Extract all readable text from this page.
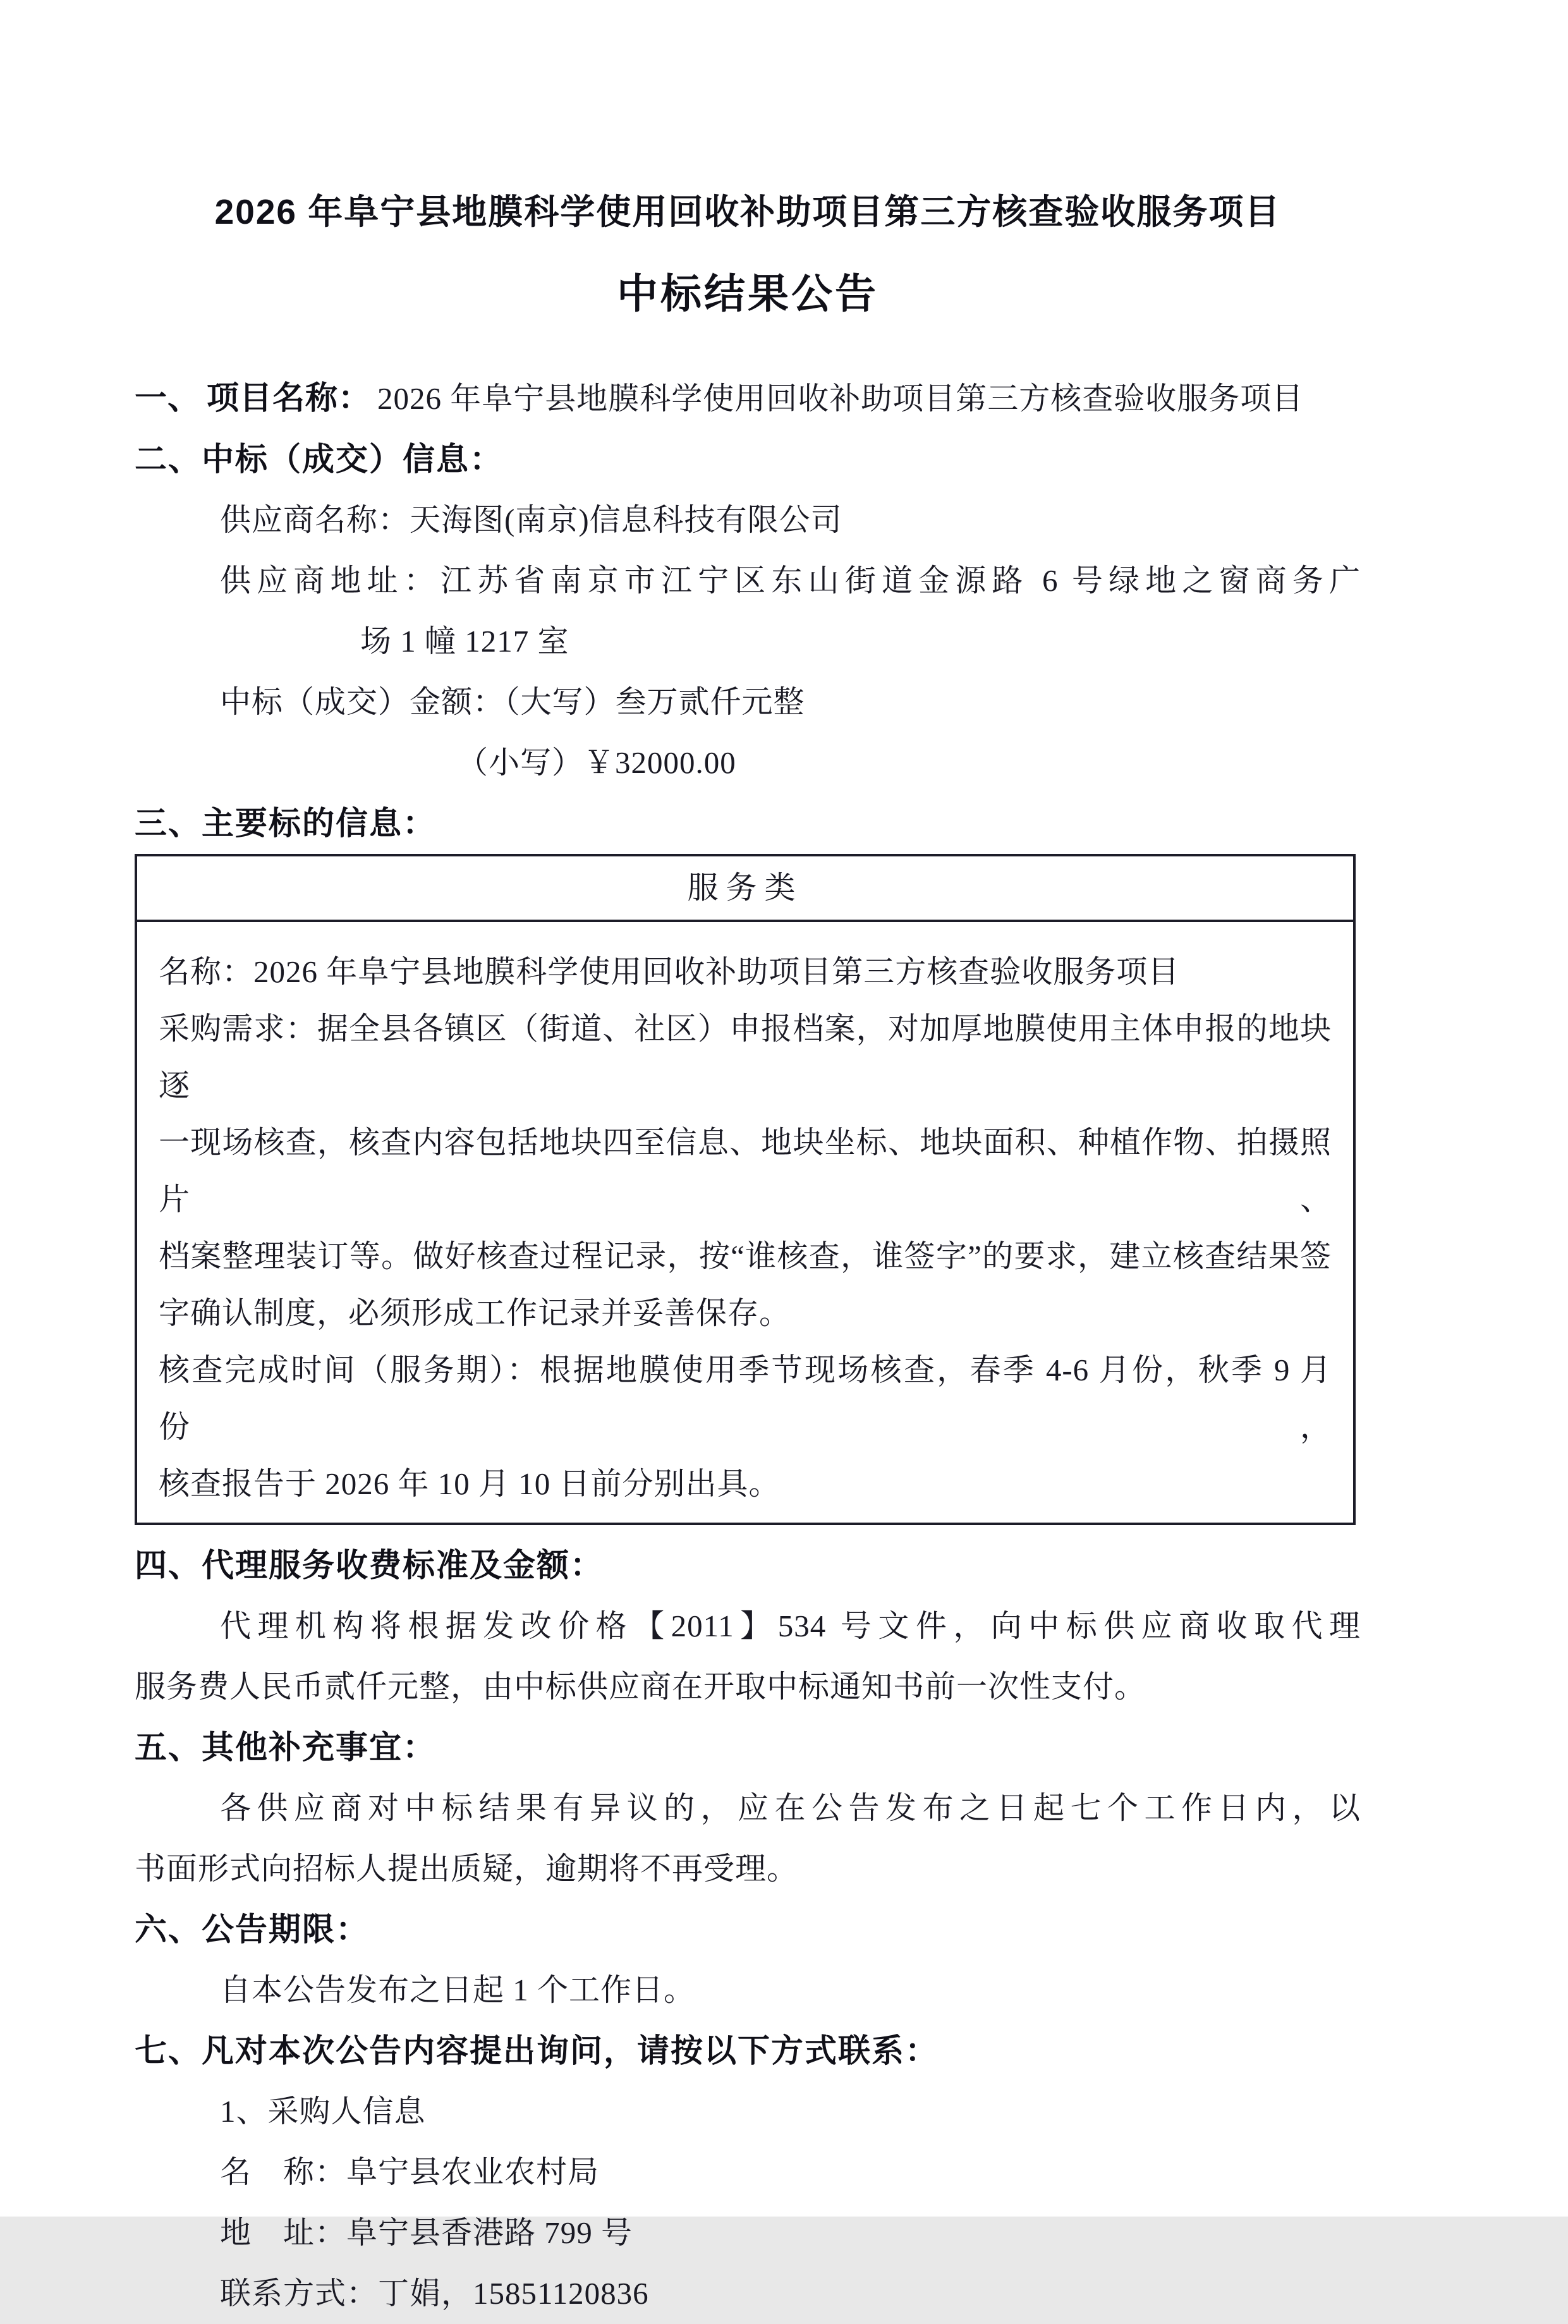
2026 年阜宁县地膜科学使用回收补助项目第三方核查验收服务项目
中标结果公告
一、 项目名称： 2026 年阜宁县地膜科学使用回收补助项目第三方核查验收服务项目
二、中标（成交）信息：
供应商名称：天海图(南京)信息科技有限公司
供应商地址：江苏省南京市江宁区东山街道金源路 6 号绿地之窗商务广
场 1 幢 1217 室
中标（成交）金额：（大写）叁万贰仟元整
（小写）￥32000.00
三、主要标的信息：
服务类
名称：2026 年阜宁县地膜科学使用回收补助项目第三方核查验收服务项目
采购需求：据全县各镇区（街道、社区）申报档案，对加厚地膜使用主体申报的地块逐
一现场核查，核查内容包括地块四至信息、地块坐标、地块面积、种植作物、拍摄照片、
档案整理装订等。做好核查过程记录，按“谁核查，谁签字”的要求，建立核查结果签
字确认制度，必须形成工作记录并妥善保存。
核查完成时间（服务期）：根据地膜使用季节现场核查，春季 4-6 月份，秋季 9 月份，
核查报告于 2026 年 10 月 10 日前分别出具。
四、代理服务收费标准及金额：
代理机构将根据发改价格【2011】534 号文件，向中标供应商收取代理
服务费人民币贰仟元整，由中标供应商在开取中标通知书前一次性支付。
五、其他补充事宜：
各供应商对中标结果有异议的，应在公告发布之日起七个工作日内，以
书面形式向招标人提出质疑，逾期将不再受理。
六、公告期限：
自本公告发布之日起 1 个工作日。
七、凡对本次公告内容提出询问，请按以下方式联系：
1、采购人信息
名　称：阜宁县农业农村局
地　址：阜宁县香港路 799 号
联系方式：丁娟，15851120836
